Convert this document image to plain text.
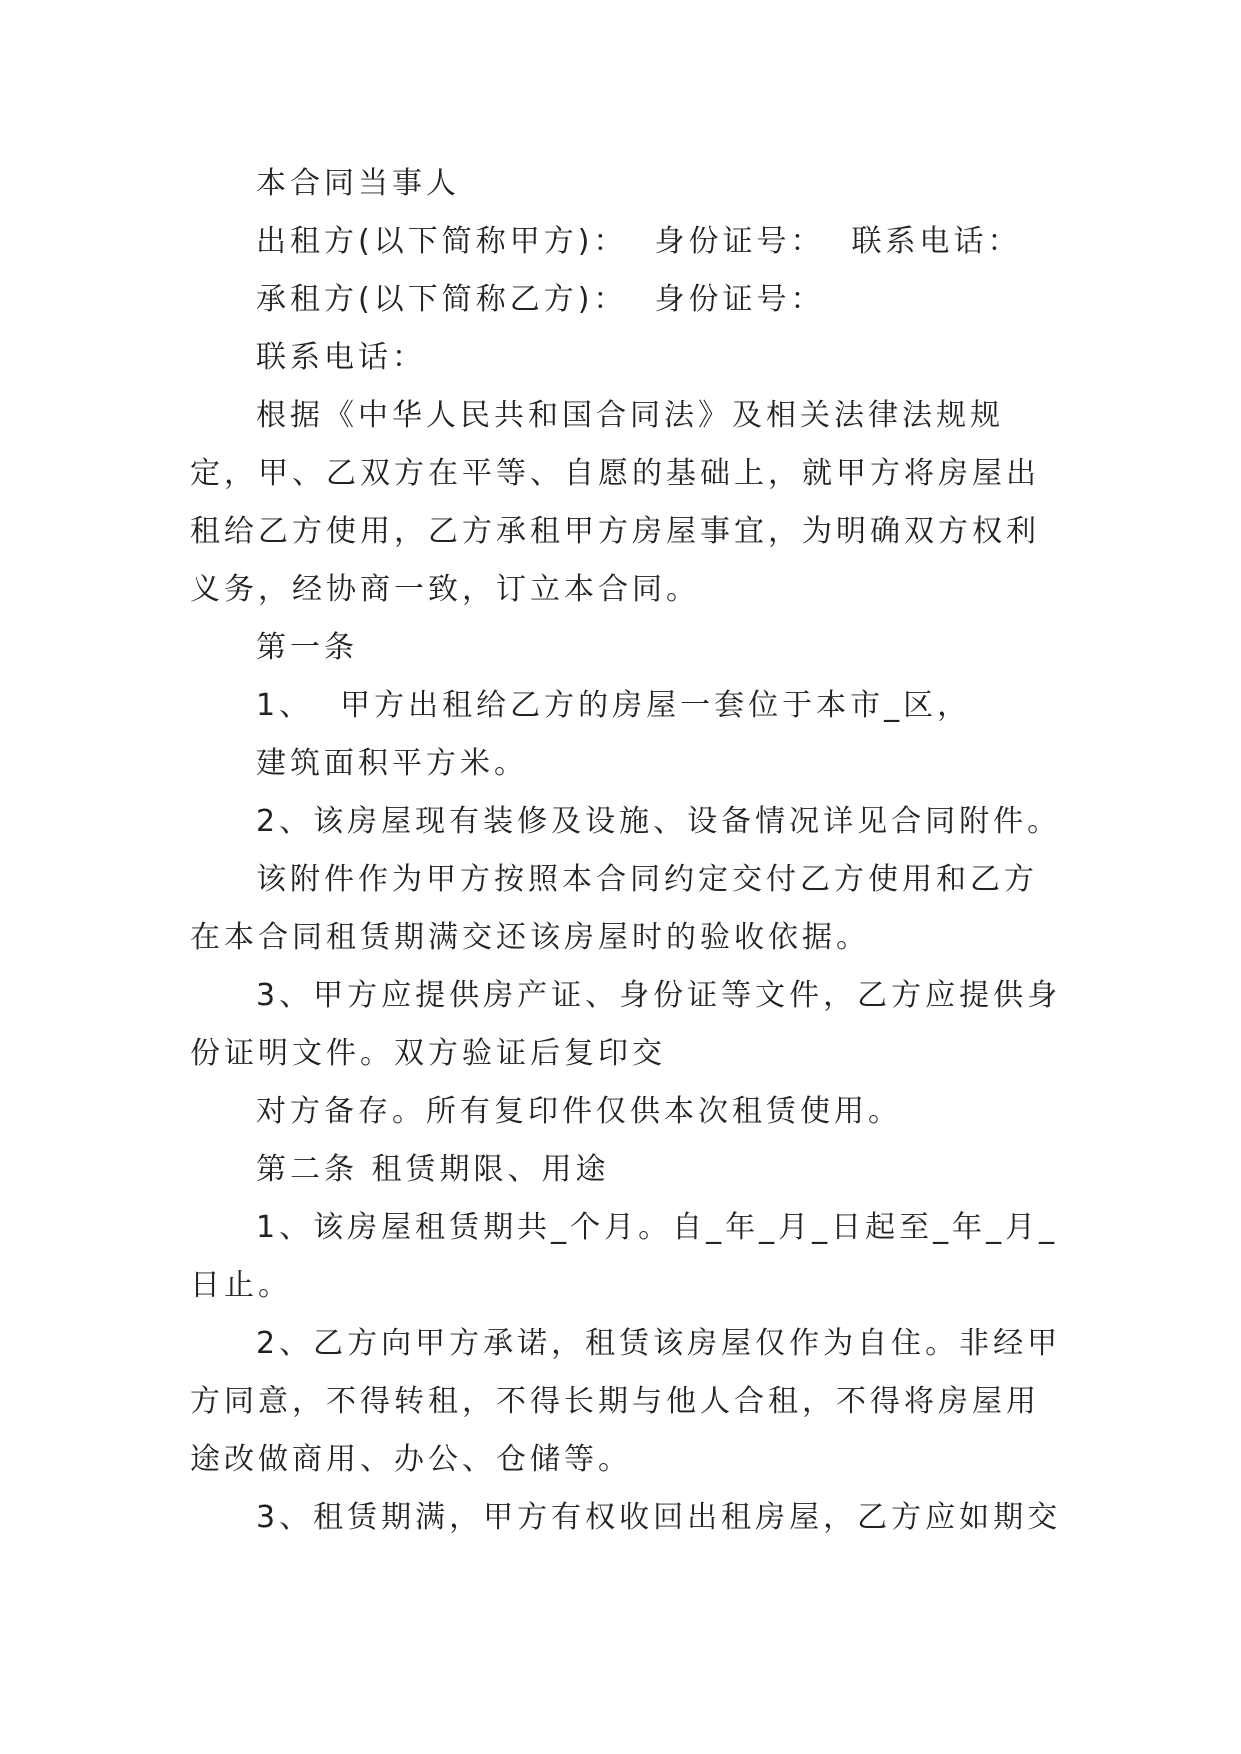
本合同当事人

出租方(以下简称甲方)：  身份证号：  联系电话：

承租方(以下简称乙方)：  身份证号：

联系电话：

根据《中华人民共和国合同法》及相关法律法规规定，甲、乙双方在平等、自愿的基础上，就甲方将房屋出租给乙方使用，乙方承租甲方房屋事宜，为明确双方权利义务，经协商一致，订立本合同。

第一条

1、  甲方出租给乙方的房屋一套位于本市_区，

建筑面积平方米。

2、该房屋现有装修及设施、设备情况详见合同附件。

该附件作为甲方按照本合同约定交付乙方使用和乙方在本合同租赁期满交还该房屋时的验收依据。

3、甲方应提供房产证、身份证等文件，乙方应提供身份证明文件。双方验证后复印交

对方备存。所有复印件仅供本次租赁使用。

第二条 租赁期限、用途

1、该房屋租赁期共_个月。自_年_月_日起至_年_月_日止。

2、乙方向甲方承诺，租赁该房屋仅作为自住。非经甲方同意，不得转租，不得长期与他人合租，不得将房屋用途改做商用、办公、仓储等。

3、租赁期满，甲方有权收回出租房屋，乙方应如期交
